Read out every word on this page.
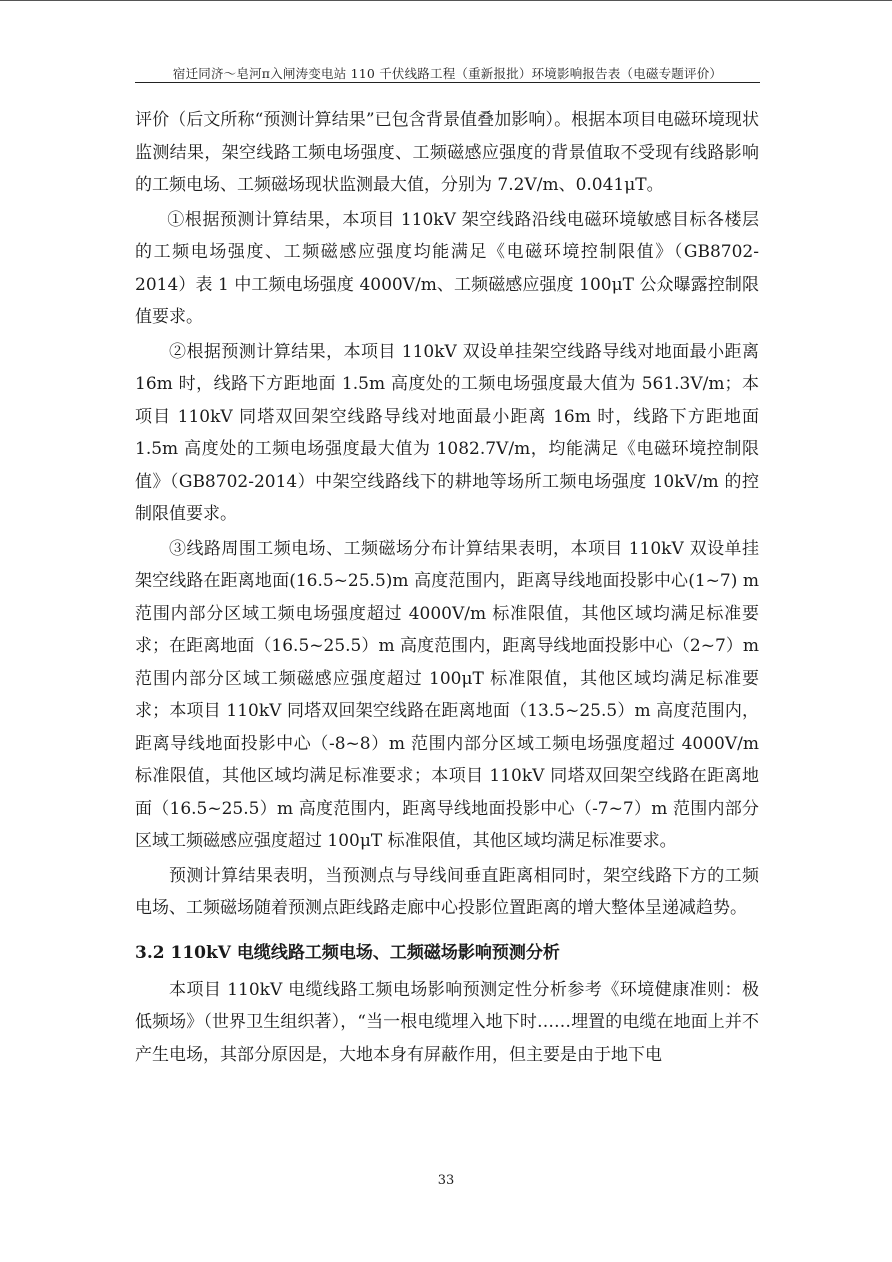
宿迁同济～皂河π入闸涛变电站 110 千伏线路工程（重新报批）环境影响报告表（电磁专题评价）

评价（后文所称“预测计算结果”已包含背景值叠加影响）。根据本项目电磁环境现状监测结果，架空线路工频电场强度、工频磁感应强度的背景值取不受现有线路影响的工频电场、工频磁场现状监测最大值，分别为 7.2V/m、0.041μT。

①根据预测计算结果，本项目 110kV 架空线路沿线电磁环境敏感目标各楼层的工频电场强度、工频磁感应强度均能满足《电磁环境控制限值》（GB8702-2014）表 1 中工频电场强度 4000V/m、工频磁感应强度 100μT 公众曝露控制限值要求。

②根据预测计算结果，本项目 110kV 双设单挂架空线路导线对地面最小距离 16m 时，线路下方距地面 1.5m 高度处的工频电场强度最大值为 561.3V/m；本项目 110kV 同塔双回架空线路导线对地面最小距离 16m 时，线路下方距地面 1.5m 高度处的工频电场强度最大值为 1082.7V/m，均能满足《电磁环境控制限值》（GB8702-2014）中架空线路线下的耕地等场所工频电场强度 10kV/m 的控制限值要求。

③线路周围工频电场、工频磁场分布计算结果表明，本项目 110kV 双设单挂架空线路在距离地面(16.5~25.5)m 高度范围内，距离导线地面投影中心(1~7) m 范围内部分区域工频电场强度超过 4000V/m 标准限值，其他区域均满足标准要求；在距离地面（16.5~25.5）m 高度范围内，距离导线地面投影中心（2~7）m 范围内部分区域工频磁感应强度超过 100μT 标准限值，其他区域均满足标准要求；本项目 110kV 同塔双回架空线路在距离地面（13.5~25.5）m 高度范围内，距离导线地面投影中心（-8~8）m 范围内部分区域工频电场强度超过 4000V/m 标准限值，其他区域均满足标准要求；本项目 110kV 同塔双回架空线路在距离地面（16.5~25.5）m 高度范围内，距离导线地面投影中心（-7~7）m 范围内部分区域工频磁感应强度超过 100μT 标准限值，其他区域均满足标准要求。

预测计算结果表明，当预测点与导线间垂直距离相同时，架空线路下方的工频电场、工频磁场随着预测点距线路走廊中心投影位置距离的增大整体呈递减趋势。

3.2 110kV 电缆线路工频电场、工频磁场影响预测分析

本项目 110kV 电缆线路工频电场影响预测定性分析参考《环境健康准则：极低频场》（世界卫生组织著），“当一根电缆埋入地下时……埋置的电缆在地面上并不产生电场，其部分原因是，大地本身有屏蔽作用，但主要是由于地下电

33
